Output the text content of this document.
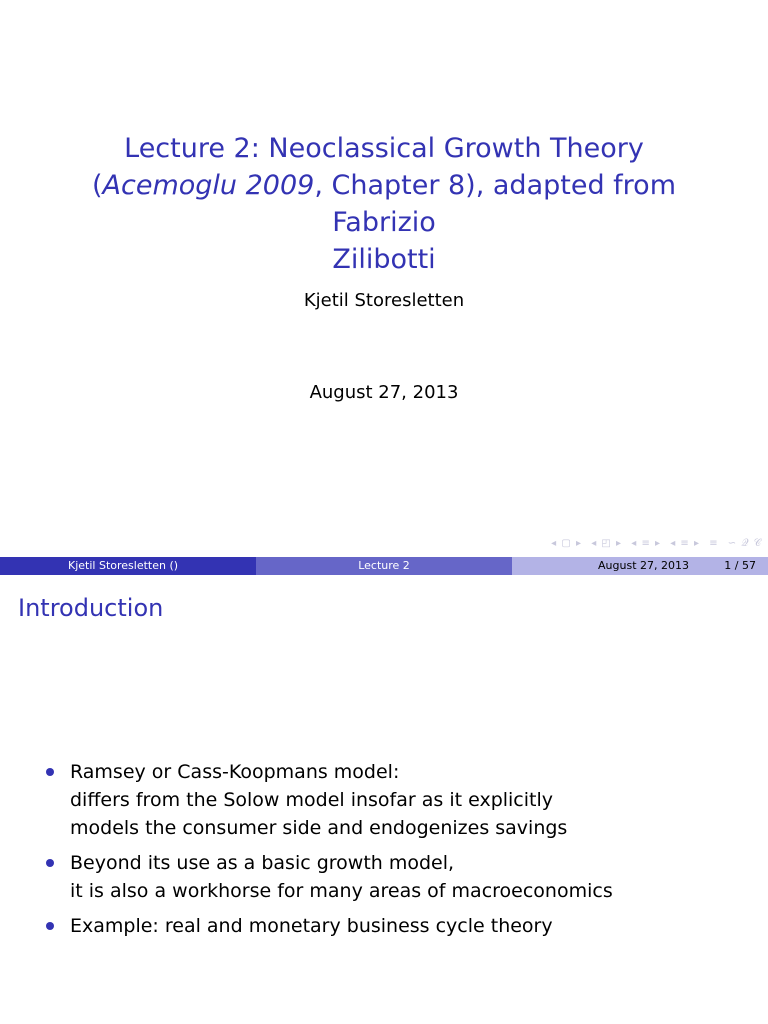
Lecture 2: Neoclassical Growth Theory
(Acemoglu 2009, Chapter 8), adapted from Fabrizio
Zilibotti
Kjetil Storesletten
August 27, 2013
◂ ▢ ▸ ◂ ◰ ▸ ◂ ≡ ▸ ◂ ≡ ▸ ≡ ∽ 𝒬 𝒞
Kjetil Storesletten ()	Lecture 2	August 27, 2013	1 / 57
Introduction
Ramsey or Cass-Koopmans model:
differs from the Solow model insofar as it explicitly
models the consumer side and endogenizes savings
Beyond its use as a basic growth model,
it is also a workhorse for many areas of macroeconomics
Example: real and monetary business cycle theory
